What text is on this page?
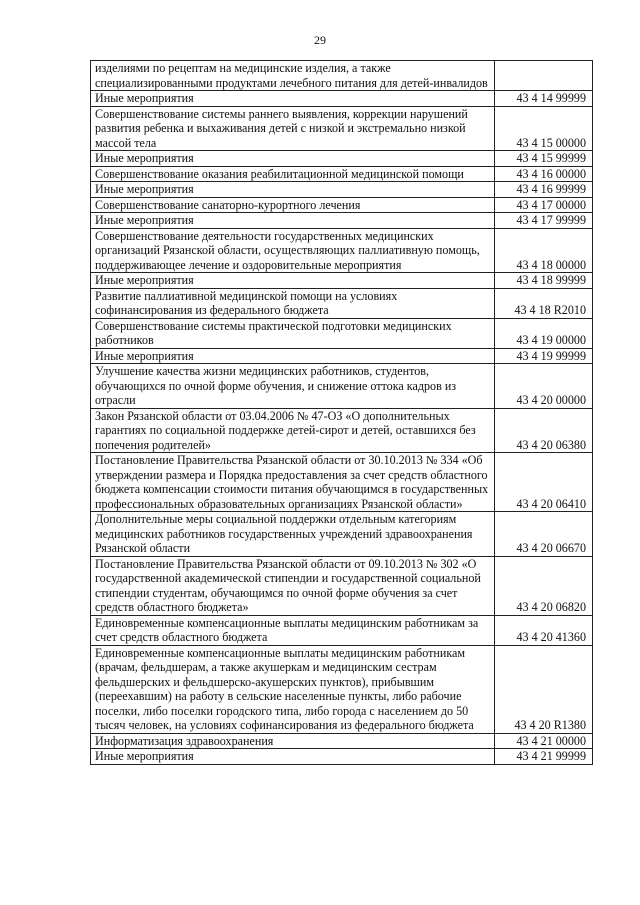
29
изделиями по рецептам на медицинские изделия, а также специализированными продуктами лечебного питания для детей-инвалидов	
Иные мероприятия	43 4 14 99999
Совершенствование системы раннего выявления, коррекции нарушений развития ребенка и выхаживания детей с низкой и экстремально низкой массой тела	43 4 15 00000
Иные мероприятия	43 4 15 99999
Совершенствование оказания реабилитационной медицинской помощи	43 4 16 00000
Иные мероприятия	43 4 16 99999
Совершенствование санаторно-курортного лечения	43 4 17 00000
Иные мероприятия	43 4 17 99999
Совершенствование деятельности государственных медицинских организаций Рязанской области, осуществляющих паллиативную помощь, поддерживающее лечение и оздоровительные мероприятия	43 4 18 00000
Иные мероприятия	43 4 18 99999
Развитие паллиативной медицинской помощи на условиях софинансирования из федерального бюджета	43 4 18 R2010
Совершенствование системы практической подготовки медицинских работников	43 4 19 00000
Иные мероприятия	43 4 19 99999
Улучшение качества жизни медицинских работников, студентов, обучающихся по очной форме обучения, и снижение оттока кадров из отрасли	43 4 20 00000
Закон Рязанской области от 03.04.2006 № 47-ОЗ «О дополнительных гарантиях по социальной поддержке детей-сирот и детей, оставшихся без попечения родителей»	43 4 20 06380
Постановление Правительства Рязанской области от 30.10.2013 № 334 «Об утверждении размера и Порядка предоставления за счет средств областного бюджета компенсации стоимости питания обучающимся в государственных профессиональных образовательных организациях Рязанской области»	43 4 20 06410
Дополнительные меры социальной поддержки отдельным категориям медицинских работников государственных учреждений здравоохранения Рязанской области	43 4 20 06670
Постановление Правительства Рязанской области от 09.10.2013 № 302 «О государственной академической стипендии и государственной социальной стипендии студентам, обучающимся по очной форме обучения за счет средств областного бюджета»	43 4 20 06820
Единовременные компенсационные выплаты медицинским работникам за счет средств областного бюджета	43 4 20 41360
Единовременные компенсационные выплаты медицинским работникам (врачам, фельдшерам, а также акушеркам и медицинским сестрам фельдшерских и фельдшерско-акушерских пунктов), прибывшим (переехавшим) на работу в сельские населенные пункты, либо рабочие поселки, либо поселки городского типа, либо города с населением до 50 тысяч человек, на условиях софинансирования из федерального бюджета	43 4 20 R1380
Информатизация здравоохранения	43 4 21 00000
Иные мероприятия	43 4 21 99999
